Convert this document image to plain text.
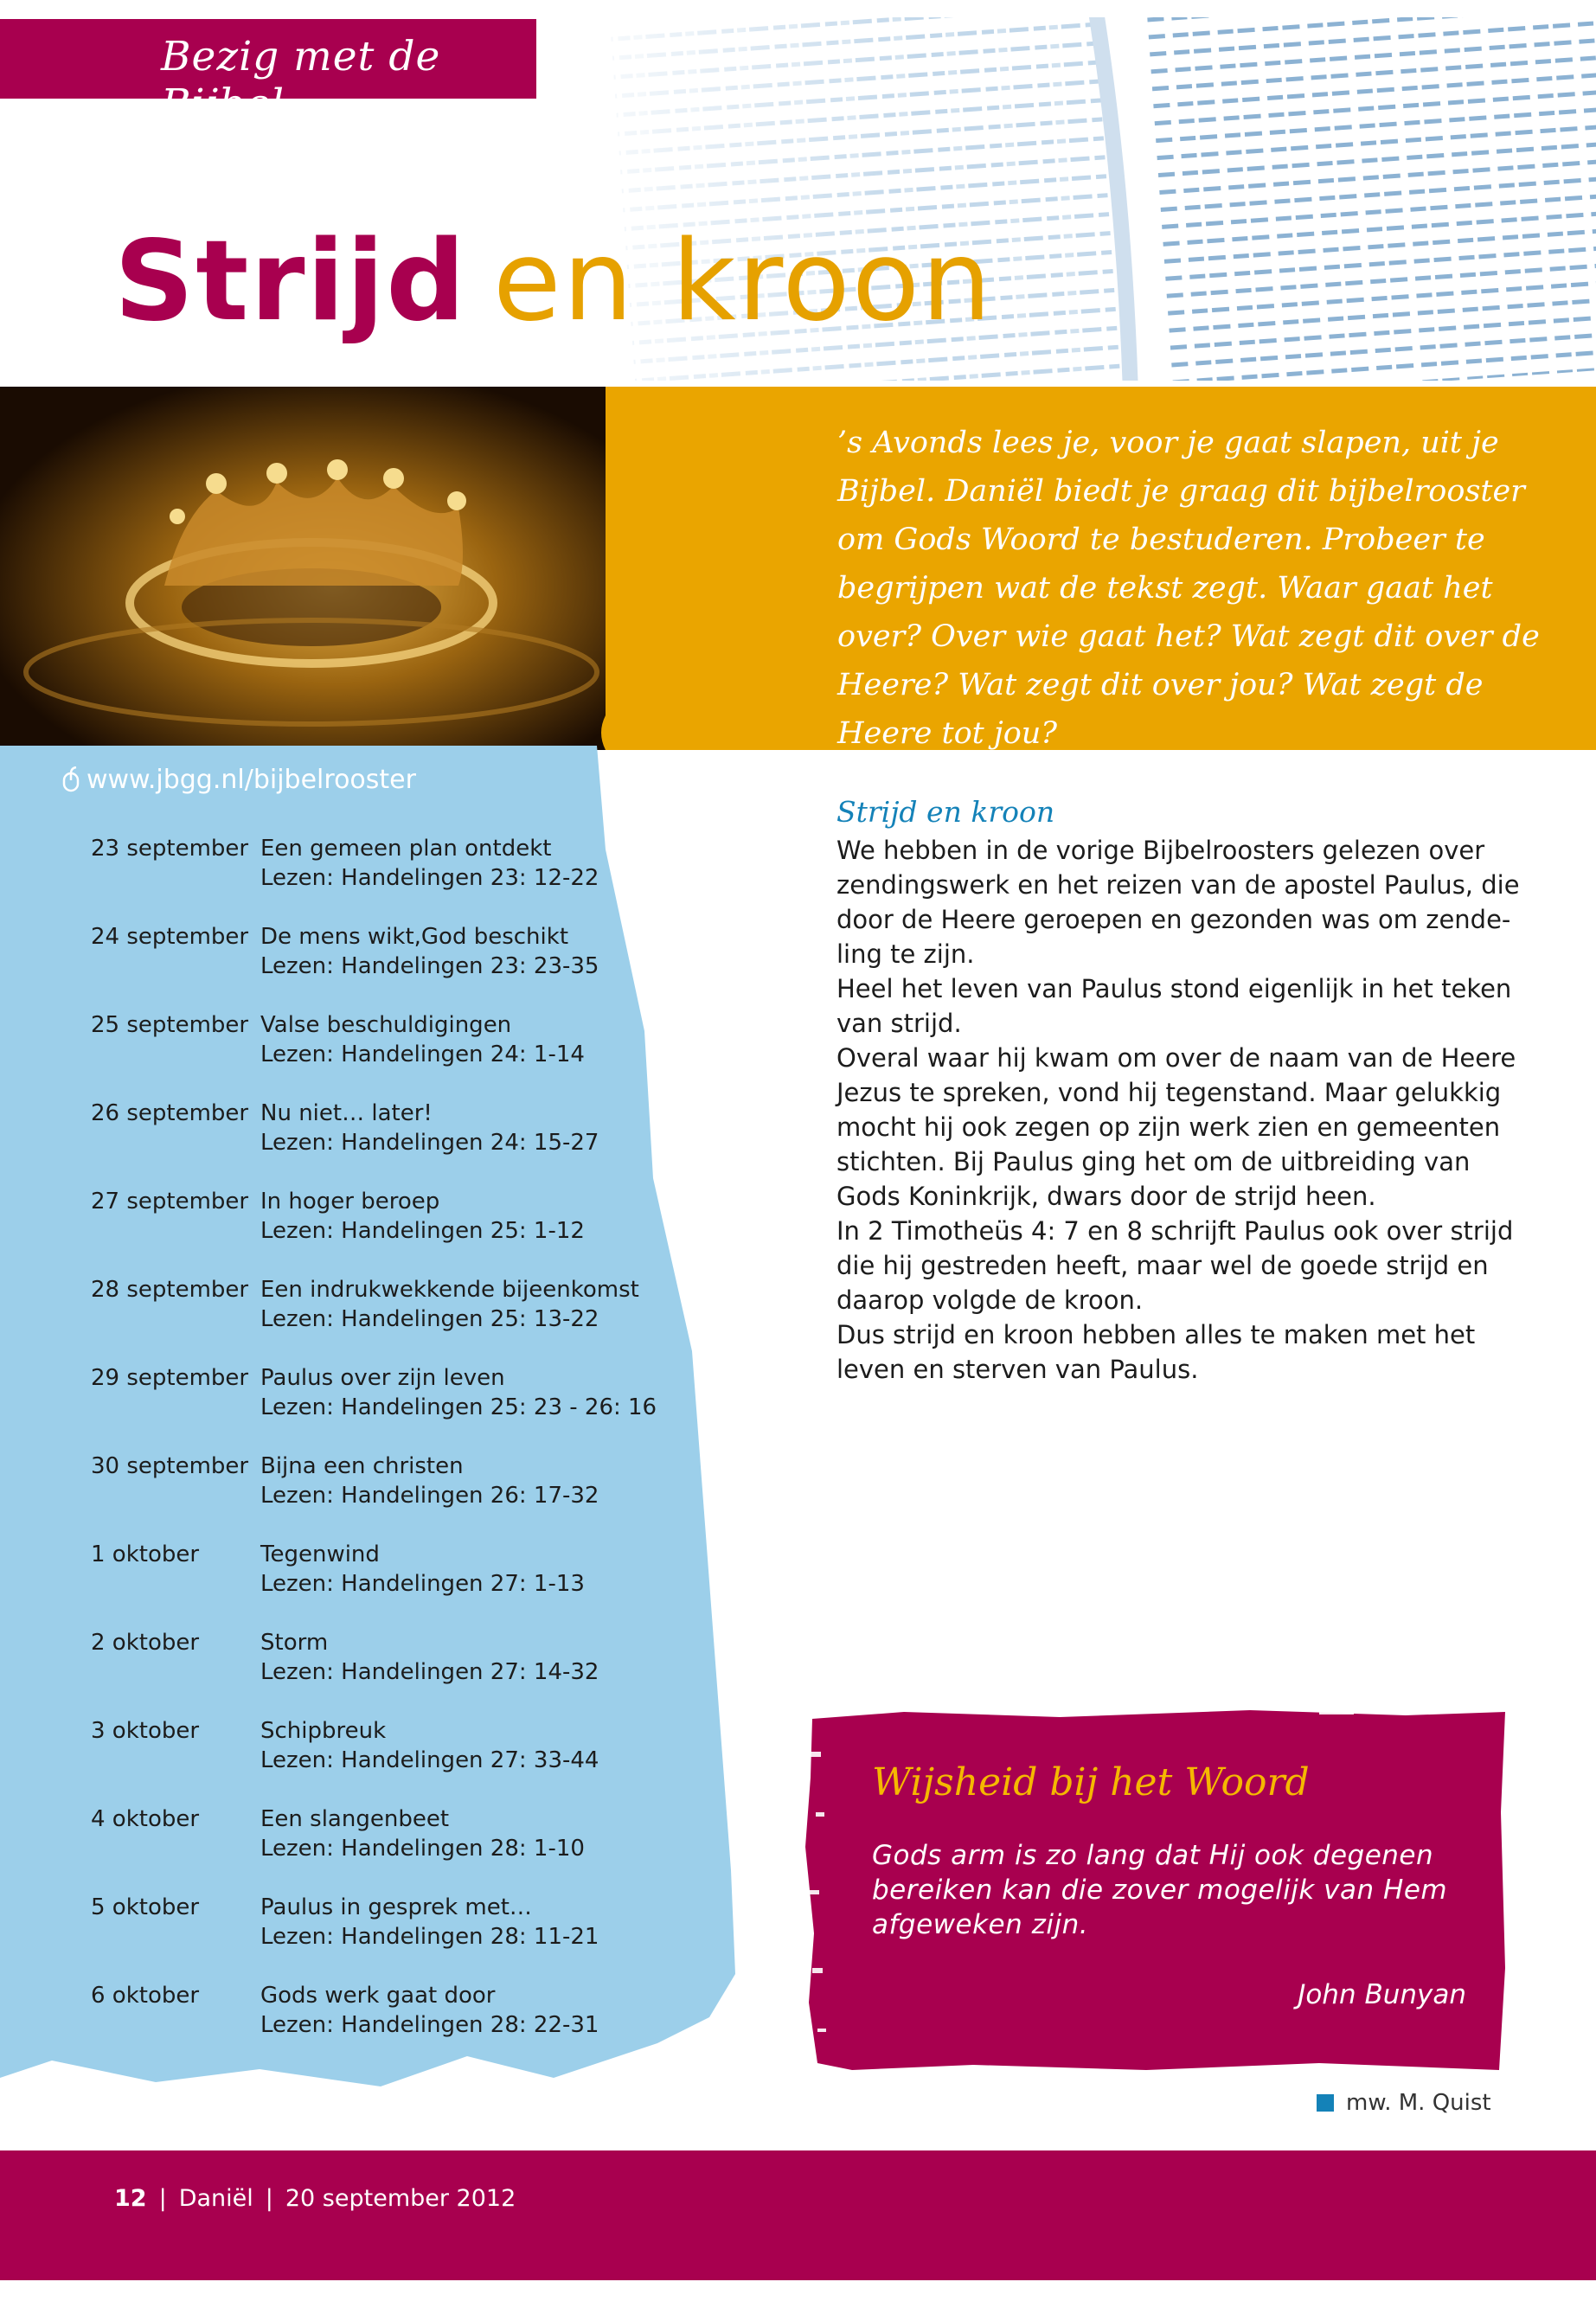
Bezig met de Bijbel
Strijd en kroon
’s Avonds lees je, voor je gaat slapen, uit je Bijbel. Daniël biedt je graag dit bijbelrooster om Gods Woord te bestuderen. Probeer te begrijpen wat de tekst zegt. Waar gaat het over? Over wie gaat het? Wat zegt dit over de Heere? Wat zegt dit over jou? Wat zegt de Heere tot jou?
www.jbgg.nl/bijbelrooster
23 september Een gemeen plan ontdekt
Lezen: Handelingen 23: 12-22
24 september De mens wikt,God beschikt
Lezen: Handelingen 23: 23-35
25 september Valse beschuldigingen
Lezen: Handelingen 24: 1-14
26 september Nu niet… later!
Lezen: Handelingen 24: 15-27
27 september In hoger beroep
Lezen: Handelingen 25: 1-12
28 september Een indrukwekkende bijeenkomst
Lezen: Handelingen 25: 13-22
29 september Paulus over zijn leven
Lezen: Handelingen 25: 23 - 26: 16
30 september Bijna een christen
Lezen: Handelingen 26: 17-32
1 oktober	Tegenwind
Lezen: Handelingen 27: 1-13
2 oktober	Storm
Lezen: Handelingen 27: 14-32
3 oktober	Schipbreuk
Lezen: Handelingen 27: 33-44
4 oktober	Een slangenbeet
Lezen: Handelingen 28: 1-10
5 oktober	Paulus in gesprek met…
Lezen: Handelingen 28: 11-21
6 oktober	Gods werk gaat door
Lezen: Handelingen 28: 22-31
Strijd en kroon

We hebben in de vorige Bijbelroosters gelezen over

zendingswerk en het reizen van de apostel Paulus, die

door de Heere geroepen en gezonden was om zende-

ling te zijn.

Heel het leven van Paulus stond eigenlijk in het teken

van strijd.

Overal waar hij kwam om over de naam van de Heere

Jezus te spreken, vond hij tegenstand. Maar gelukkig

mocht hij ook zegen op zijn werk zien en gemeenten

stichten. Bij Paulus ging het om de uitbreiding van

Gods Koninkrijk, dwars door de strijd heen.

In 2 Timotheüs 4: 7 en 8 schrijft Paulus ook over strijd

die hij gestreden heeft, maar wel de goede strijd en

daarop volgde de kroon.

Dus strijd en kroon hebben alles te maken met het

leven en sterven van Paulus.

Wijsheid bij het Woord
Gods arm is zo lang dat Hij ook degenen bereiken kan die zover mogelijk van Hem afgeweken zijn.
John Bunyan
mw. M. Quist
12 | Daniël | 20 september 2012
